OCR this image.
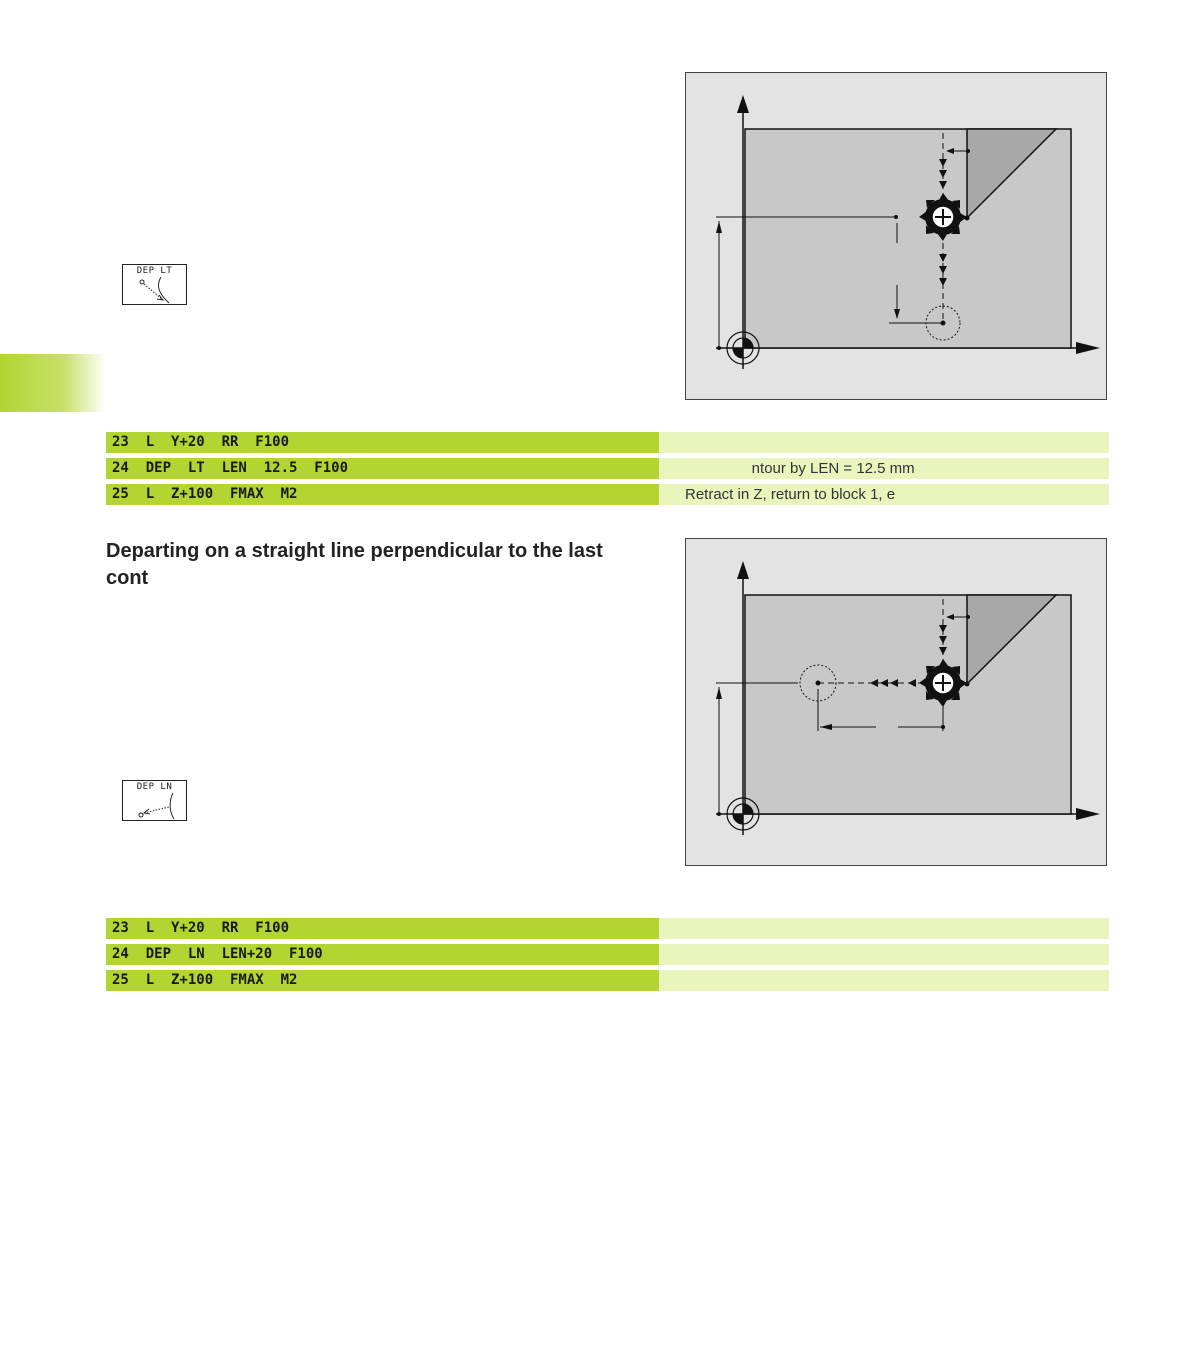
DEP LT
23  L  Y+20  RR  F100
24  DEP  LT  LEN  12.5  F100	ntour by LEN = 12.5 mm
25  L  Z+100  FMAX  M2	Retract in Z, return to block 1, e
Departing on a straight line perpendicular to the last cont
DEP LN
23  L  Y+20  RR  F100
24  DEP  LN  LEN+20  F100
25  L  Z+100  FMAX  M2
